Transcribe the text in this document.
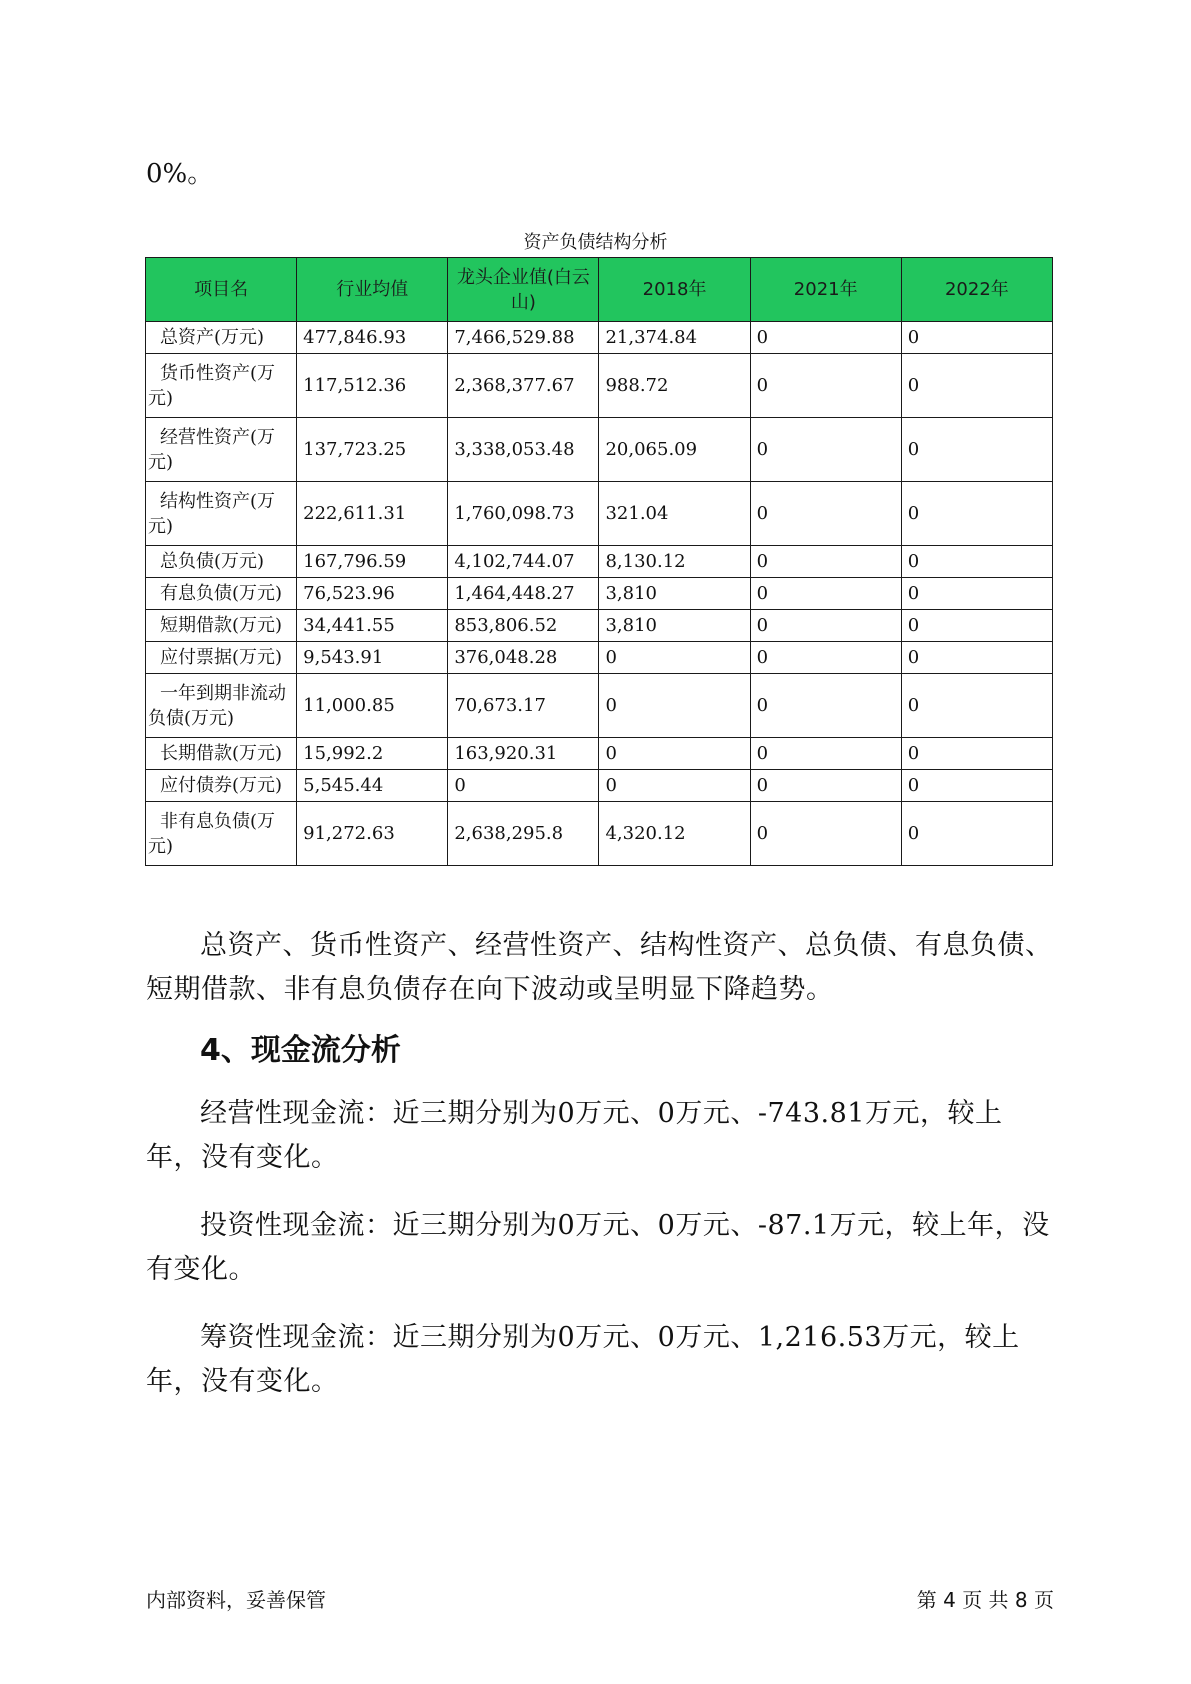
0%。
资产负债结构分析
项目名	行业均值	龙头企业值(白云山)	2018年	2021年	2022年

总资产(万元)	477,846.93	7,466,529.88	21,374.84	0	0

货币性资产(万元)	117,512.36	2,368,377.67	988.72	0	0

经营性资产(万元)	137,723.25	3,338,053.48	20,065.09	0	0

结构性资产(万元)	222,611.31	1,760,098.73	321.04	0	0

总负债(万元)	167,796.59	4,102,744.07	8,130.12	0	0

有息负债(万元)	76,523.96	1,464,448.27	3,810	0	0

短期借款(万元)	34,441.55	853,806.52	3,810	0	0

应付票据(万元)	9,543.91	376,048.28	0	0	0

一年到期非流动负债(万元)	11,000.85	70,673.17	0	0	0

长期借款(万元)	15,992.2	163,920.31	0	0	0

应付债券(万元)	5,545.44	0	0	0	0

非有息负债(万元)	91,272.63	2,638,295.8	4,320.12	0	0
总资产、货币性资产、经营性资产、结构性资产、总负债、有息负债、短期借款、非有息负债存在向下波动或呈明显下降趋势。
4、现金流分析
经营性现金流：近三期分别为0万元、0万元、-743.81万元，较上年，没有变化。
投资性现金流：近三期分别为0万元、0万元、-87.1万元，较上年，没有变化。
筹资性现金流：近三期分别为0万元、0万元、1,216.53万元，较上年，没有变化。
内部资料，妥善保管	第 4 页 共 8 页
